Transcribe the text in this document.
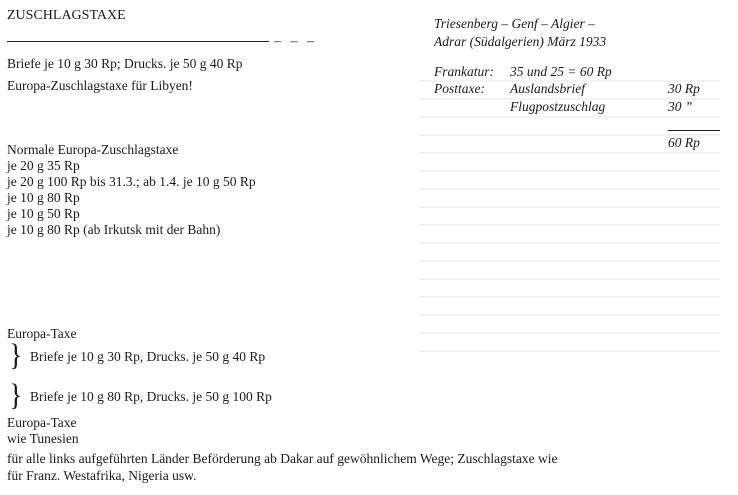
ZUSCHLAGSTAXE
– – –
Briefe je 10 g 30 Rp; Drucks. je 50 g 40 Rp
Europa-Zuschlagstaxe für Libyen!
Normale Europa-Zuschlagstaxe
je 20 g 35 Rp
je 20 g 100 Rp bis 31.3.; ab 1.4. je 10 g 50 Rp
je 10 g 80 Rp
je 10 g 50 Rp
je 10 g 80 Rp (ab Irkutsk mit der Bahn)
Europa-Taxe
} Briefe je 10 g 30 Rp, Drucks. je 50 g 40 Rp
} Briefe je 10 g 80 Rp, Drucks. je 50 g 100 Rp
Europa-Taxe
wie Tunesien
für alle links aufgeführten Länder Beförderung ab Dakar auf gewöhnlichem Wege; Zuschlagstaxe wie
für Franz. Westafrika, Nigeria usw.
Triesenberg – Genf – Algier –
Adrar (Südalgerien) März 1933
Frankatur: 35 und 25 = 60 Rp
Posttaxe: Auslandsbrief	30 Rp
Flugpostzuschlag	30 ”
60 Rp
